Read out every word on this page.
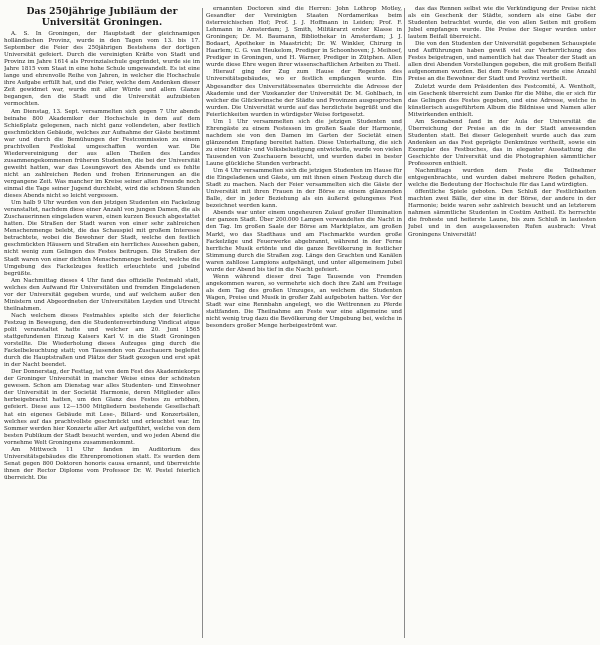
Das 250jährige Jubiläum der Universität Groningen.

A. S. In Groningen, der Hauptstadt der gleichnamigen holländischen Provinz, wurde in den Tagen vom 13. bis 17. September die Feier des 250jährigen Bestehens der dortigen Universität gefeiert. Durch die vereinigten Kräfte von Stadt und Provinz im Jahre 1614 als Provinzialschule gegründet, wurde sie im Jahre 1815 vom Staat in eine hohe Schule umgewandelt. Es ist eine lange und ehrenvolle Reihe von Jahren, in welcher die Hochschule ihre Aufgabe erfüllt hat, und die Feier, welche dem Andenken dieser Zeit gewidmet war, wurde mit aller Würde und allem Glanze begangen, den die Stadt und die Universität aufzubieten vermochten.

Am Dienstag, 13. Sept. versammelten sich gegen 7 Uhr abends beinahe 800 Akademiker der Hochschule in dem auf dem Schießplatz gelegenen, nach nicht ganz vollendeten, aber festlich geschmückten Gebäude, welches zur Aufnahme der Gäste bestimmt war und durch die Bemühungen der Festcommission zu einem prachtvollen Festlokal umgeschaffen worden war. Die Wiedervereinigung der aus allen Theilen des Landes zusammengekommenen früheren Studenten, die bei der Universität geweiht hatten, war das Losungswort des Abends und es fehlte nicht an zahlreichen Reden und frohen Erinnerungen an die vergangene Zeit. Was mancher im Kreise seiner alten Freunde noch einmal die Tage seiner Jugend durchlebt, wird die schönen Stunden dieses Abends nicht so leicht vergessen.

Um halb 9 Uhr wurden von den jetzigen Studenten ein Fackelzug veranstaltet, nachdem diese einer Anzahl von jungen Damen, die als Zuschauerinnen eingeladen waren, einen kurzen Besuch abgestattet hatten. Die Straßen der Stadt waren von einer sehr zahlreichen Menschenmenge belebt, die das Schauspiel mit großem Interesse betrachtete, wobei die Bewohner der Stadt, welche den festlich geschmückten Häusern und Straßen ein herrliches Aussehen gaben, nicht wenig zum Gelingen des Festes beitrugen. Die Straßen der Stadt waren von einer dichten Menschenmenge bedeckt, welche die Umgebung des Fackelzuges festlich erleuchtete und jubelnd begrüßte.

Am Nachmittag dieses 4 Uhr fand das offizielle Festmahl statt, welches den Aufwand für Universitäten und fremden Eingeladenen vor der Universität gegeben wurde, und auf welchem außer den Ministern und Abgeordneten der Universitäten Leyden und Utrecht theilnahmen.

Nach welchem dieses Festmahles spielte sich der feierliche Festzug in Bewegung, den die Studentenverbindung Vindicat atque polit veranstaltet hatte und welcher am 20. Juni 1565 stattgefundenen Einzug Kaisers Karl V. in die Stadt Groningen vorstellte. Die Wiederholung dieses Aufzuges ging durch die Fackelbeleuchtung statt; von Tausenden von Zuschauern begleitet durch die Hauptstraßen und Plätze der Stadt gezogen und erst spät in der Nacht beendet.

Der Donnerstag, der Festtag, ist von dem Fest des Akademiekorps der Groninger Universität in mancher Weise eines der schönsten gewesen. Schon am Dienstag war alles Studenten- und Einwohner der Universität in der Societät Harmonie, deren Mitglieder alles herbeigebracht hatten, um den Glanz des Festes zu erhöhen, gefeiert. Diese aus 12—1500 Mitgliedern bestehende Gesellschaft hat ein eigenes Gebäude mit Lese-, Billard- und Konzertsälen, welches auf das prachtvollste geschmückt und erleuchtet war. Im Sommer werden hier Konzerte aller Art aufgeführt, welche von dem besten Publikum der Stadt besucht werden, und wo jeden Abend die vornehme Welt Groningens zusammenkommt.

Am Mittwoch 11 Uhr fanden im Auditorium des Universitätsgebäudes die Ehrenpromotionen statt. Es wurden dem Senat gegen 800 Doktoren honoris causa ernannt, und überreichte ihnen der Rector Diplome vom Professor Dr. W. Pestel feierlich überreicht. Die

ernannten Doctoren sind die Herren: John Lothrop Motley, Gesandter der Vereinigten Staaten Nordamerikas beim österreichischen Hof; Prof. J. J. Hoffmann in Leiden; Prof. F. Lehmann in Amsterdam; J. Smith, Militärarzt erster Klasse in Groningen; Dr. M. Baumann, Bibliothekar in Amsterdam; J. J. Bodaart, Apotheker in Maastricht; Dr. W. Winkler, Chirurg in Haarlem; C. G. van Heukelom, Prediger in Schoonhoven; J. Meihoef, Prediger in Groningen, und H. Warner, Prediger in Zütphen. Allen wurde diese Ehre wegen ihrer wissenschaftlichen Arbeiten zu Theil.

Hierauf ging der Zug zum Hause der Regenten des Universitätsgebäudes, wo er festlich empfangen wurde. Ein Abgesandter des Universitätssenates überreichte die Adresse der Akademie und der Vizekanzler der Universität Dr. M. Gohlbach, in welcher die Glückwünsche der Städte und Provinzen ausgesprochen wurden. Die Universität wurde auf das herzlichste begrüßt und die Feierlichkeiten wurden in würdigster Weise fortgesetzt.

Um 1 Uhr versammelten sich die jetzigen Studenten und Ehrengäste zu einem Festessen im großen Saale der Harmonie, nachdem sie von den Damen im Garten der Societät einen glänzenden Empfang bereitet hatten. Diese Unterhaltung, die sich zu einer Militär- und Volksbelustigung entwickelte, wurde von vielen Tausenden von Zuschauern besucht, und wurden dabei in bester Laune glückliche Stunden verbracht.

Um 4 Uhr versammelten sich die jetzigen Studenten im Hause für die Eingeladenen und Gäste, um mit ihnen einen Festzug durch die Stadt zu machen. Nach der Feier versammelten sich die Gäste der Universität mit ihren Frauen in der Börse zu einem glänzenden Balle, der in jeder Beziehung als ein äußerst gelungenes Fest bezeichnet werden kann.

Abends war unter einem ungeheuren Zulauf großer Illumination der ganzen Stadt. Über 200.000 Lampen verwandelten die Nacht in den Tag. Im großen Saale der Börse am Marktplatze, am großen Markt, wo das Stadthaus und am Fischmarkte wurden große Fackelzüge und Feuerwerke abgebrannt, während in der Ferne herrliche Musik ertönte und die ganze Bevölkerung in festlicher Stimmung durch die Straßen zog. Längs den Grachten und Kanälen waren zahllose Lampions aufgehängt, und unter allgemeinem Jubel wurde der Abend bis tief in die Nacht gefeiert.

Wenn während dieser drei Tage Tausende von Fremden angekommen waren, so vermehrte sich doch ihre Zahl am Freitage als dem Tag des großen Umzuges, an welchem die Studenten Wagen, Preise und Musik in großer Zahl aufgeboten hatten. Vor der Stadt war eine Rennbahn angelegt, wo die Wettrennen zu Pferde stattfanden. Die Theilnahme am Feste war eine allgemeine und nicht wenig trug dazu die Bevölkerung der Umgebung bei, welche in besonders großer Menge herbeigeströmt war.

das das Rennen selbst wie die Verkündigung der Preise nicht als ein Geschenk der Städte, sondern als eine Gabe der Studenten betrachtet wurde, die von allen Seiten mit großem Jubel empfangen wurde. Die Preise der Sieger wurden unter lautem Beifall überreicht.

Die von den Studenten der Universität gegebenen Schauspiele und Aufführungen haben gewiß viel zur Verherrlichung des Festes beigetragen, und namentlich hat das Theater der Stadt an allen drei Abenden Vorstellungen gegeben, die mit großem Beifall aufgenommen wurden. Bei dem Feste selbst wurde eine Anzahl Preise an die Bewohner der Stadt und Provinz vertheilt.

Zuletzt wurde dem Präsidenten des Festcomité, A. Wentholt, ein Geschenk überreicht zum Danke für die Mühe, die er sich für das Gelingen des Festes gegeben, und eine Adresse, welche in künstlerisch ausgeführtem Album die Bildnisse und Namen aller Mitwirkenden enthielt.

Am Sonnabend fand in der Aula der Universität die Überreichung der Preise an die in der Stadt anwesenden Studenten statt. Bei dieser Gelegenheit wurde auch das zum Andenken an das Fest geprägte Denkmünze vertheilt, sowie ein Exemplar des Festbuches, das in eleganter Ausstattung die Geschichte der Universität und die Photographien sämmtlicher Professoren enthielt.

Nachmittags wurden dem Feste die Teilnehmer entgegenbrachte, und wurden dabei mehrere Reden gehalten, welche die Bedeutung der Hochschule für das Land würdigten.

öffentliche Spiele geboten. Den Schluß der Festlichkeiten machten zwei Bälle, der eine in der Börse, der andere in der Harmonie; beide waren sehr zahlreich besucht und an letzterem nahmen sämmtliche Studenten in Costüm Antheil. Es herrschte die froheste und heiterste Laune, bis zum Schluß in lautesten Jubel und in den ausgelassensten Rufen ausbrach: Vivat Groningens Universität!
